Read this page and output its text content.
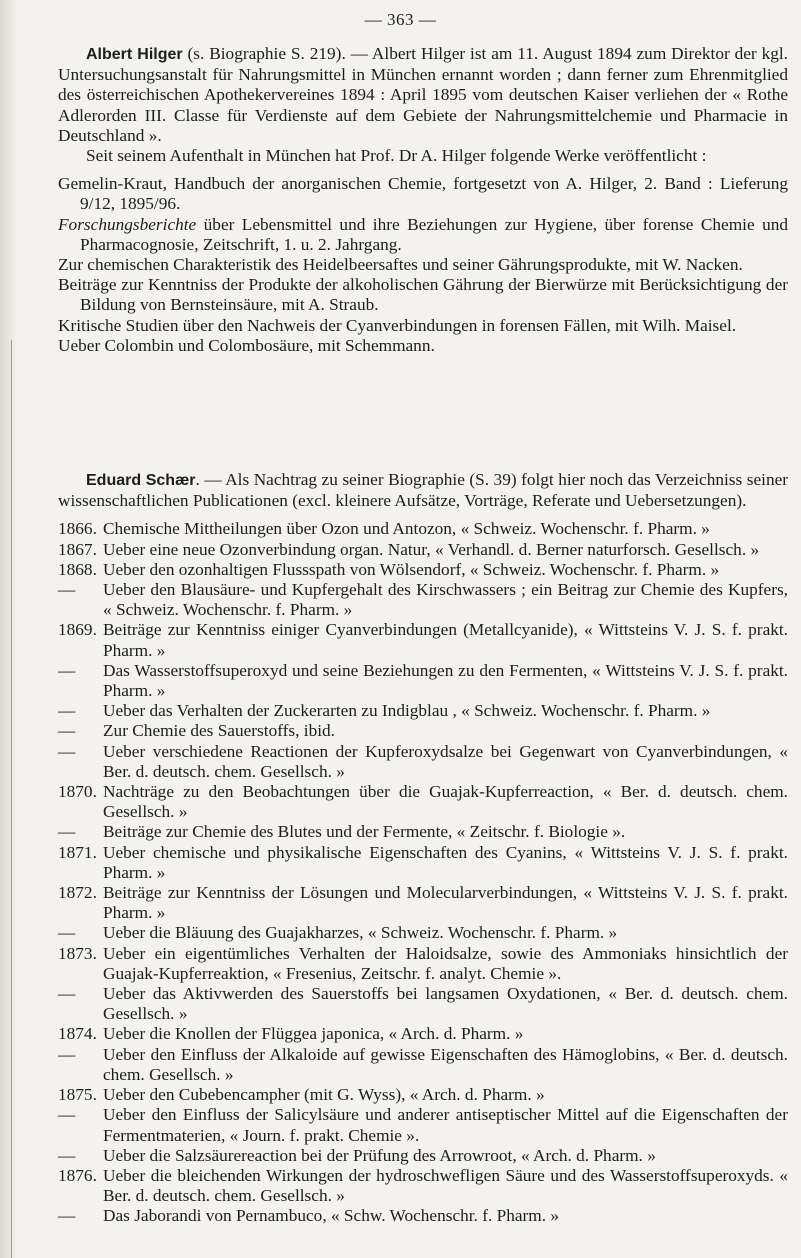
— 363 —

Albert Hilger (s. Biographie S. 219). — Albert Hilger ist am 11. August 1894 zum Direktor der kgl. Untersuchungsanstalt für Nahrungsmittel in München ernannt worden ; dann ferner zum Ehrenmitglied des österreichischen Apothekervereines 1894 : April 1895 vom deutschen Kaiser verliehen der « Rothe Adlerorden III. Classe für Verdienste auf dem Gebiete der Nahrungsmittelchemie und Pharmacie in Deutschland ».

Seit seinem Aufenthalt in München hat Prof. Dr A. Hilger folgende Werke veröffentlicht :

Gemelin-Kraut, Handbuch der anorganischen Chemie, fortgesetzt von A. Hilger, 2. Band : Lieferung 9/12, 1895/96.

Forschungsberichte über Lebensmittel und ihre Beziehungen zur Hygiene, über forense Chemie und Pharmacognosie, Zeitschrift, 1. u. 2. Jahrgang.

Zur chemischen Charakteristik des Heidelbeersaftes und seiner Gährungsprodukte, mit W. Nacken.

Beiträge zur Kenntniss der Produkte der alkoholischen Gährung der Bierwürze mit Berücksichtigung der Bildung von Bernsteinsäure, mit A. Straub.

Kritische Studien über den Nachweis der Cyanverbindungen in forensen Fällen, mit Wilh. Maisel.

Ueber Colombin und Colombosäure, mit Schemmann.

Eduard Schær. — Als Nachtrag zu seiner Biographie (S. 39) folgt hier noch das Verzeichniss seiner wissenschaftlichen Publicationen (excl. kleinere Aufsätze, Vorträge, Referate und Uebersetzungen).

1866. Chemische Mittheilungen über Ozon und Antozon, « Schweiz. Wochenschr. f. Pharm. »
1867. Ueber eine neue Ozonverbindung organ. Natur, « Verhandl. d. Berner naturforsch. Gesellsch. »
1868. Ueber den ozonhaltigen Flussspath von Wölsendorf, « Schweiz. Wochenschr. f. Pharm. »
—	Ueber den Blausäure- und Kupfergehalt des Kirschwassers ; ein Beitrag zur Chemie des Kupfers, « Schweiz. Wochenschr. f. Pharm. »
1869. Beiträge zur Kenntniss einiger Cyanverbindungen (Metallcyanide), « Wittsteins V. J. S. f. prakt. Pharm. »
—	Das Wasserstoffsuperoxyd und seine Beziehungen zu den Fermenten, « Wittsteins V. J. S. f. prakt. Pharm. »
—	Ueber das Verhalten der Zuckerarten zu Indigblau , « Schweiz. Wochenschr. f. Pharm. »
—	Zur Chemie des Sauerstoffs, ibid.
—	Ueber verschiedene Reactionen der Kupferoxydsalze bei Gegenwart von Cyanverbindungen, « Ber. d. deutsch. chem. Gesellsch. »
1870. Nachträge zu den Beobachtungen über die Guajak-Kupferreaction, « Ber. d. deutsch. chem. Gesellsch. »
—	Beiträge zur Chemie des Blutes und der Fermente, « Zeitschr. f. Biologie ».
1871. Ueber chemische und physikalische Eigenschaften des Cyanins, « Wittsteins V. J. S. f. prakt. Pharm. »
1872. Beiträge zur Kenntniss der Lösungen und Molecularverbindungen, « Wittsteins V. J. S. f. prakt. Pharm. »
—	Ueber die Bläuung des Guajakharzes, « Schweiz. Wochenschr. f. Pharm. »
1873. Ueber ein eigentümliches Verhalten der Haloidsalze, sowie des Ammoniaks hinsichtlich der Guajak-Kupferreaktion, « Fresenius, Zeitschr. f. analyt. Chemie ».
—	Ueber das Aktivwerden des Sauerstoffs bei langsamen Oxydationen, « Ber. d. deutsch. chem. Gesellsch. »
1874. Ueber die Knollen der Flüggea japonica, « Arch. d. Pharm. »
—	Ueber den Einfluss der Alkaloide auf gewisse Eigenschaften des Hämoglobins, « Ber. d. deutsch. chem. Gesellsch. »
1875. Ueber den Cubebencampher (mit G. Wyss), « Arch. d. Pharm. »
—	Ueber den Einfluss der Salicylsäure und anderer antiseptischer Mittel auf die Eigenschaften der Fermentmaterien, « Journ. f. prakt. Chemie ».
—	Ueber die Salzsäurereaction bei der Prüfung des Arrowroot, « Arch. d. Pharm. »
1876. Ueber die bleichenden Wirkungen der hydroschwefligen Säure und des Wasserstoffsuperoxyds. « Ber. d. deutsch. chem. Gesellsch. »
—	Das Jaborandi von Pernambuco, « Schw. Wochenschr. f. Pharm. »
